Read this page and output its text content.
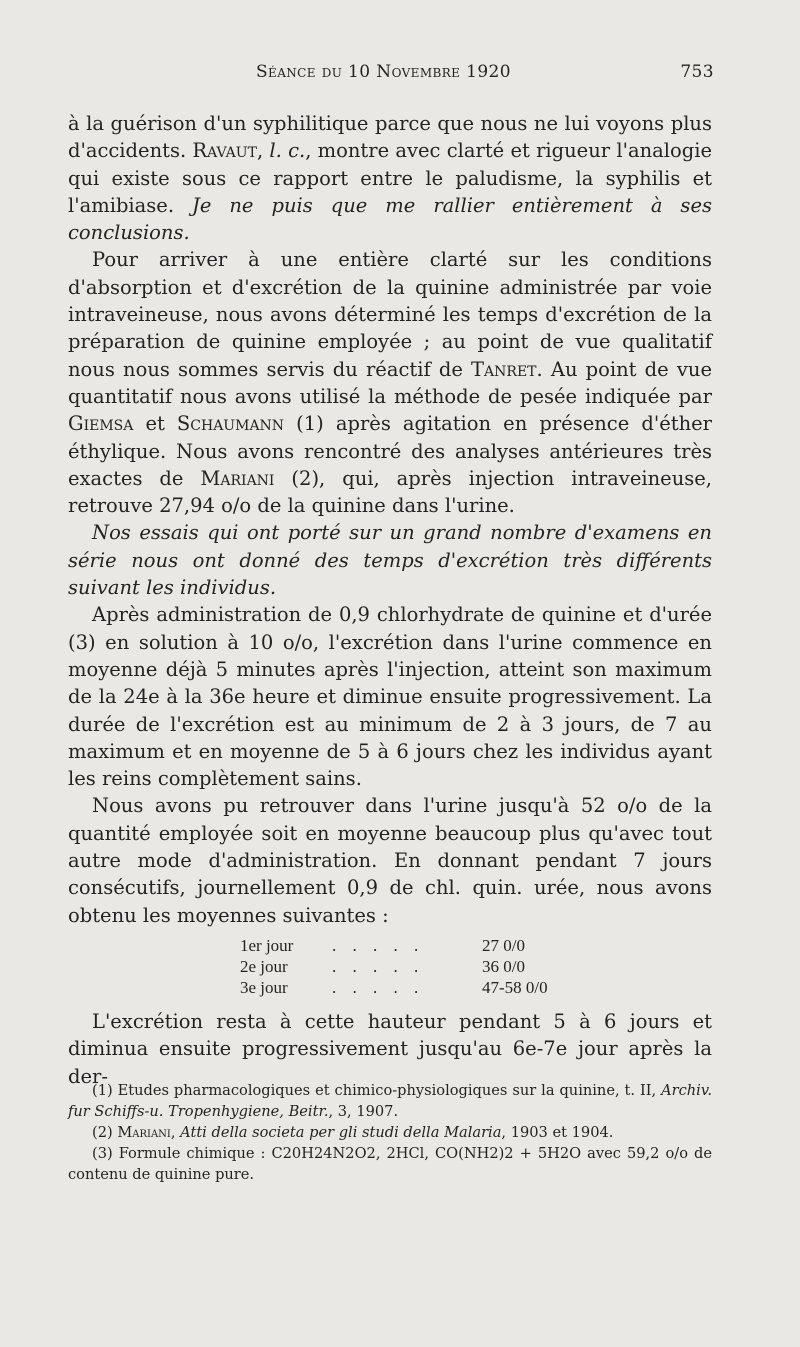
Séance du 10 Novembre 1920	753

à la guérison d'un syphilitique parce que nous ne lui voyons plus d'accidents. Ravaut, l. c., montre avec clarté et rigueur l'analogie qui existe sous ce rapport entre le paludisme, la syphilis et l'amibiase. Je ne puis que me rallier entièrement à ses conclusions.

Pour arriver à une entière clarté sur les conditions d'absorption et d'excrétion de la quinine administrée par voie intraveineuse, nous avons déterminé les temps d'excrétion de la préparation de quinine employée ; au point de vue qualitatif nous nous sommes servis du réactif de Tanret. Au point de vue quantitatif nous avons utilisé la méthode de pesée indiquée par Giemsa et Schaumann (1) après agitation en présence d'éther éthylique. Nous avons rencontré des analyses antérieures très exactes de Mariani (2), qui, après injection intraveineuse, retrouve 27,94 o/o de la quinine dans l'urine.

Nos essais qui ont porté sur un grand nombre d'examens en série nous ont donné des temps d'excrétion très différents suivant les individus.

Après administration de 0,9 chlorhydrate de quinine et d'urée (3) en solution à 10 o/o, l'excrétion dans l'urine commence en moyenne déjà 5 minutes après l'injection, atteint son maximum de la 24e à la 36e heure et diminue ensuite progressivement. La durée de l'excrétion est au minimum de 2 à 3 jours, de 7 au maximum et en moyenne de 5 à 6 jours chez les individus ayant les reins complètement sains.

Nous avons pu retrouver dans l'urine jusqu'à 52 o/o de la quantité employée soit en moyenne beaucoup plus qu'avec tout autre mode d'administration. En donnant pendant 7 jours consécutifs, journellement 0,9 de chl. quin. urée, nous avons obtenu les moyennes suivantes :

1er jour	. . . . .	27 0/0
2e jour	. . . . .	36 0/0
3e jour	. . . . .	47-58 0/0

L'excrétion resta à cette hauteur pendant 5 à 6 jours et diminua ensuite progressivement jusqu'au 6e-7e jour après la der-

(1) Etudes pharmacologiques et chimico-physiologiques sur la quinine, t. II, Archiv. fur Schiffs-u. Tropenhygiene, Beitr., 3, 1907.

(2) Mariani, Atti della societa per gli studi della Malaria, 1903 et 1904.

(3) Formule chimique : C20H24N2O2, 2HCl, CO(NH2)2 + 5H2O avec 59,2 o/o de contenu de quinine pure.
